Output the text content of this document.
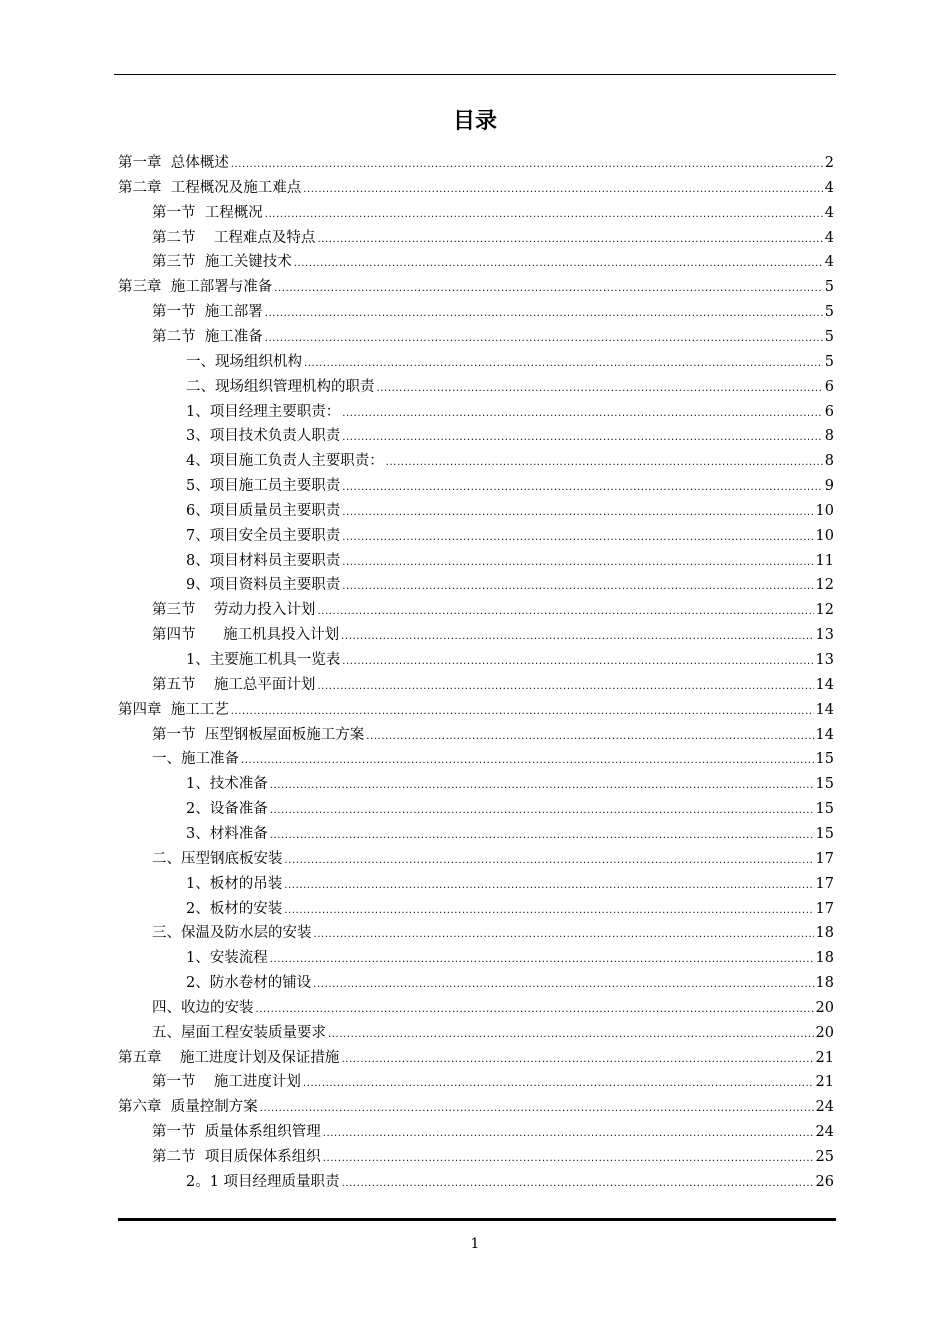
目录
第一章  总体概述 .....	2
第二章  工程概况及施工难点 .....	4
第一节  工程概况 .....	4
第二节    工程难点及特点 .....	4
第三节  施工关键技术 .....	4
第三章  施工部署与准备 .....	5
第一节  施工部署 .....	5
第二节  施工准备 .....	5
一、现场组织机构 .....	5
二、现场组织管理机构的职责 .....	6
1、项目经理主要职责： .....	6
3、项目技术负责人职责 .....	8
4、项目施工负责人主要职责： .....	8
5、项目施工员主要职责 .....	9
6、项目质量员主要职责 .....	10
7、项目安全员主要职责 .....	10
8、项目材料员主要职责 .....	11
9、项目资料员主要职责 .....	12
第三节    劳动力投入计划 .....	12
第四节      施工机具投入计划 .....	13
1、主要施工机具一览表 .....	13
第五节    施工总平面计划 .....	14
第四章  施工工艺 .....	14
第一节  压型钢板屋面板施工方案 .....	14
一、施工准备 .....	15
1、技术准备 .....	15
2、设备准备 .....	15
3、材料准备 .....	15
二、压型钢底板安装 .....	17
1、板材的吊装 .....	17
2、板材的安装 .....	17
三、保温及防水层的安装 .....	18
1、安装流程 .....	18
2、防水卷材的铺设 .....	18
四、收边的安装 .....	20
五、屋面工程安装质量要求 .....	20
第五章    施工进度计划及保证措施 .....	21
第一节    施工进度计划 .....	21
第六章  质量控制方案 .....	24
第一节  质量体系组织管理 .....	24
第二节  项目质保体系组织 .....	25
2。1 项目经理质量职责 .....	26
1
